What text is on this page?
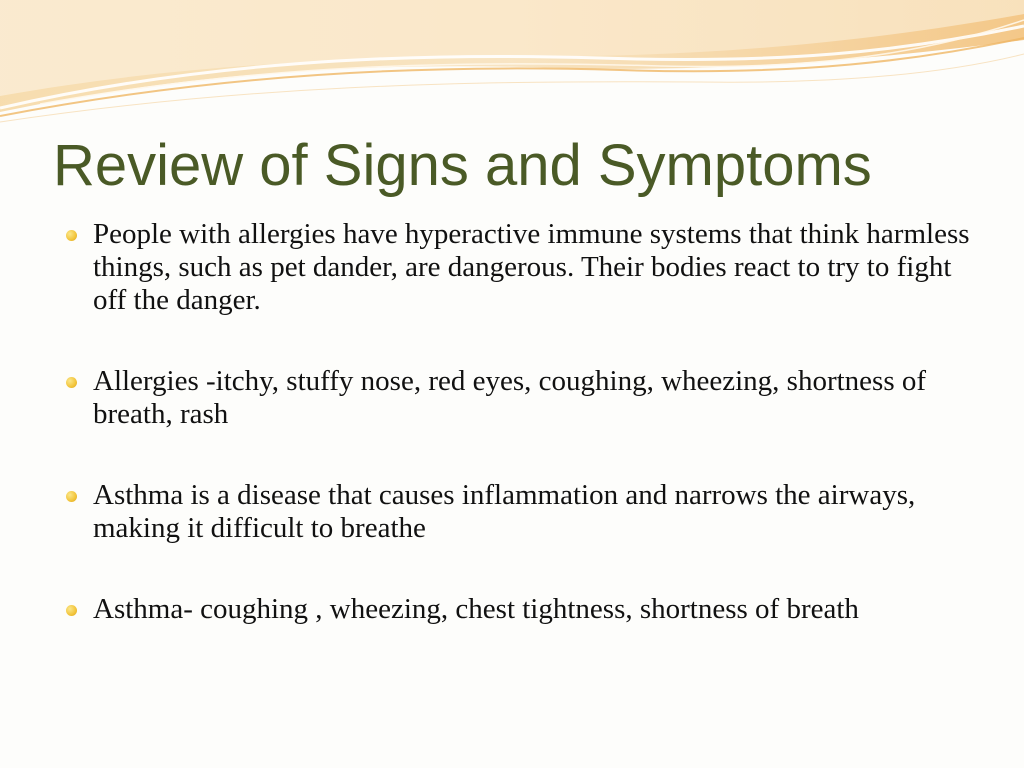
Review of Signs and Symptoms
People with allergies have hyperactive immune systems that think harmless things, such as pet dander, are dangerous. Their bodies react to try to fight off the danger.
Allergies -itchy, stuffy nose, red eyes, coughing, wheezing, shortness of breath, rash
Asthma is a disease that causes inflammation and narrows the airways, making it difficult to breathe
Asthma- coughing , wheezing, chest tightness, shortness of breath
